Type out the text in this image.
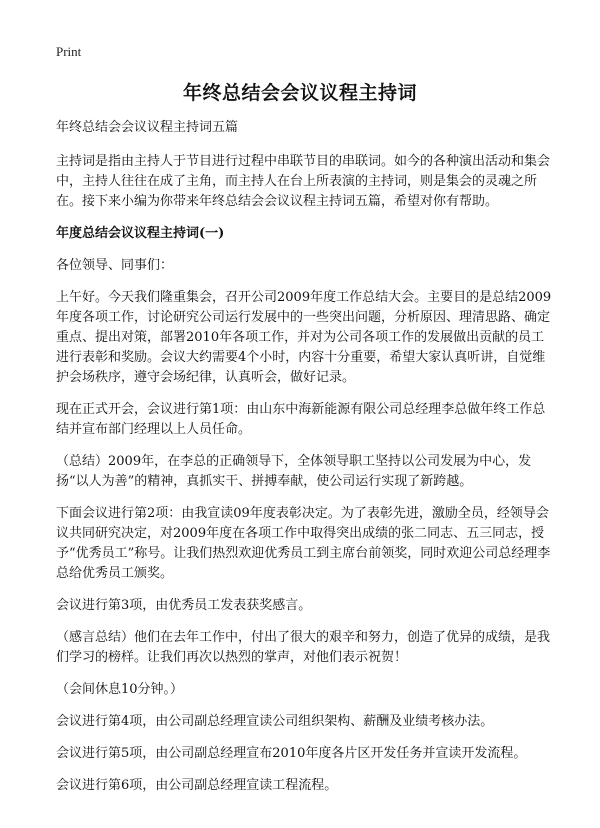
Print
年终总结会会议议程主持词

年终总结会会议议程主持词五篇

主持词是指由主持人于节目进行过程中串联节目的串联词。如今的各种演出活动和集会中，主持人往往在成了主角，而主持人在台上所表演的主持词，则是集会的灵魂之所在。接下来小编为你带来年终总结会会议议程主持词五篇，希望对你有帮助。

年度总结会议议程主持词(一)

各位领导、同事们：

上午好。今天我们隆重集会，召开公司2009年度工作总结大会。主要目的是总结2009年度各项工作，讨论研究公司运行发展中的一些突出问题，分析原因、理清思路、确定重点、提出对策，部署2010年各项工作，并对为公司各项工作的发展做出贡献的员工进行表彰和奖励。会议大约需要4个小时，内容十分重要，希望大家认真听讲，自觉维护会场秩序，遵守会场纪律，认真听会，做好记录。

现在正式开会，会议进行第1项：由山东中海新能源有限公司总经理李总做年终工作总结并宣布部门经理以上人员任命。

（总结）2009年，在李总的正确领导下，全体领导职工坚持以公司发展为中心，发扬“以人为善”的精神，真抓实干、拼搏奉献，使公司运行实现了新跨越。

下面会议进行第2项：由我宣读09年度表彰决定。为了表彰先进，激励全员，经领导会议共同研究决定，对2009年度在各项工作中取得突出成绩的张二同志、五三同志，授予“优秀员工”称号。让我们热烈欢迎优秀员工到主席台前领奖，同时欢迎公司总经理李总给优秀员工颁奖。

会议进行第3项，由优秀员工发表获奖感言。

（感言总结）他们在去年工作中，付出了很大的艰辛和努力，创造了优异的成绩，是我们学习的榜样。让我们再次以热烈的掌声，对他们表示祝贺！

（会间休息10分钟。）

会议进行第4项，由公司副总经理宣读公司组织架构、薪酬及业绩考核办法。

会议进行第5项，由公司副总经理宣布2010年度各片区开发任务并宣读开发流程。

会议进行第6项，由公司副总经理宣读工程流程。
